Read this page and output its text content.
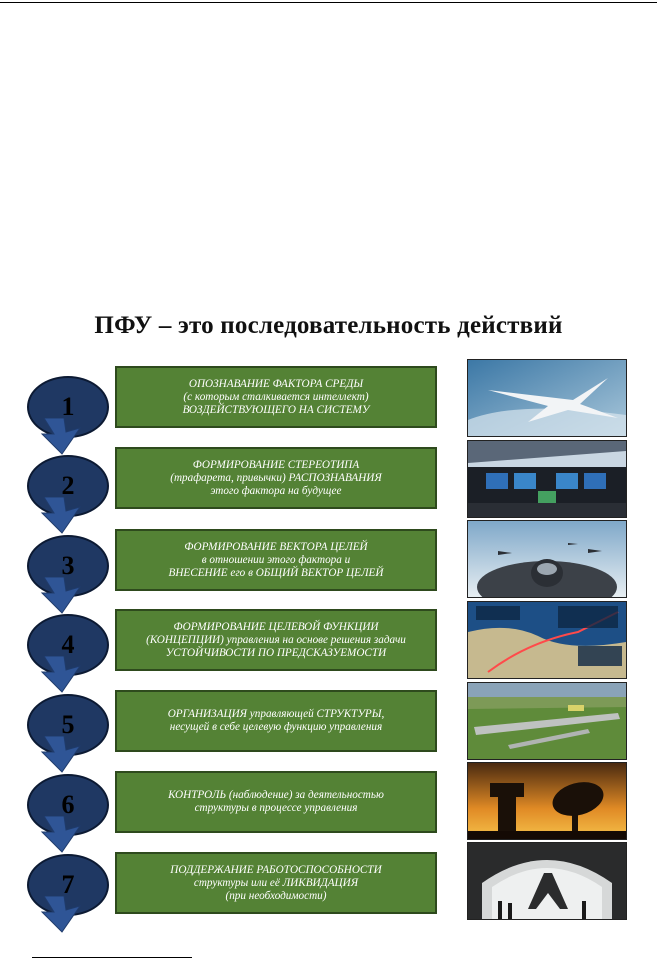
ПФУ – это последовательность действий
1
ОПОЗНАВАНИЕ ФАКТОРА СРЕДЫ
(с которым сталкивается интеллект)
ВОЗДЕЙСТВУЮЩЕГО НА СИСТЕМУ
2
ФОРМИРОВАНИЕ СТЕРЕОТИПА
(трафарета, привычки) РАСПОЗНАВАНИЯ
этого фактора на будущее
3
ФОРМИРОВАНИЕ ВЕКТОРА ЦЕЛЕЙ
в отношении этого фактора и
ВНЕСЕНИЕ его в ОБЩИЙ ВЕКТОР ЦЕЛЕЙ
4
ФОРМИРОВАНИЕ ЦЕЛЕВОЙ ФУНКЦИИ
(КОНЦЕПЦИИ) управления на основе решения задачи
УСТОЙЧИВОСТИ ПО ПРЕДСКАЗУЕМОСТИ
5	ОРГАНИЗАЦИЯ управляющей СТРУКТУРЫ,
несущей в себе целевую функцию управления
6	КОНТРОЛЬ (наблюдение) за деятельностью
структуры в процессе управления
7
ПОДДЕРЖАНИЕ РАБОТОСПОСОБНОСТИ
структуры или её ЛИКВИДАЦИЯ
(при необходимости)
